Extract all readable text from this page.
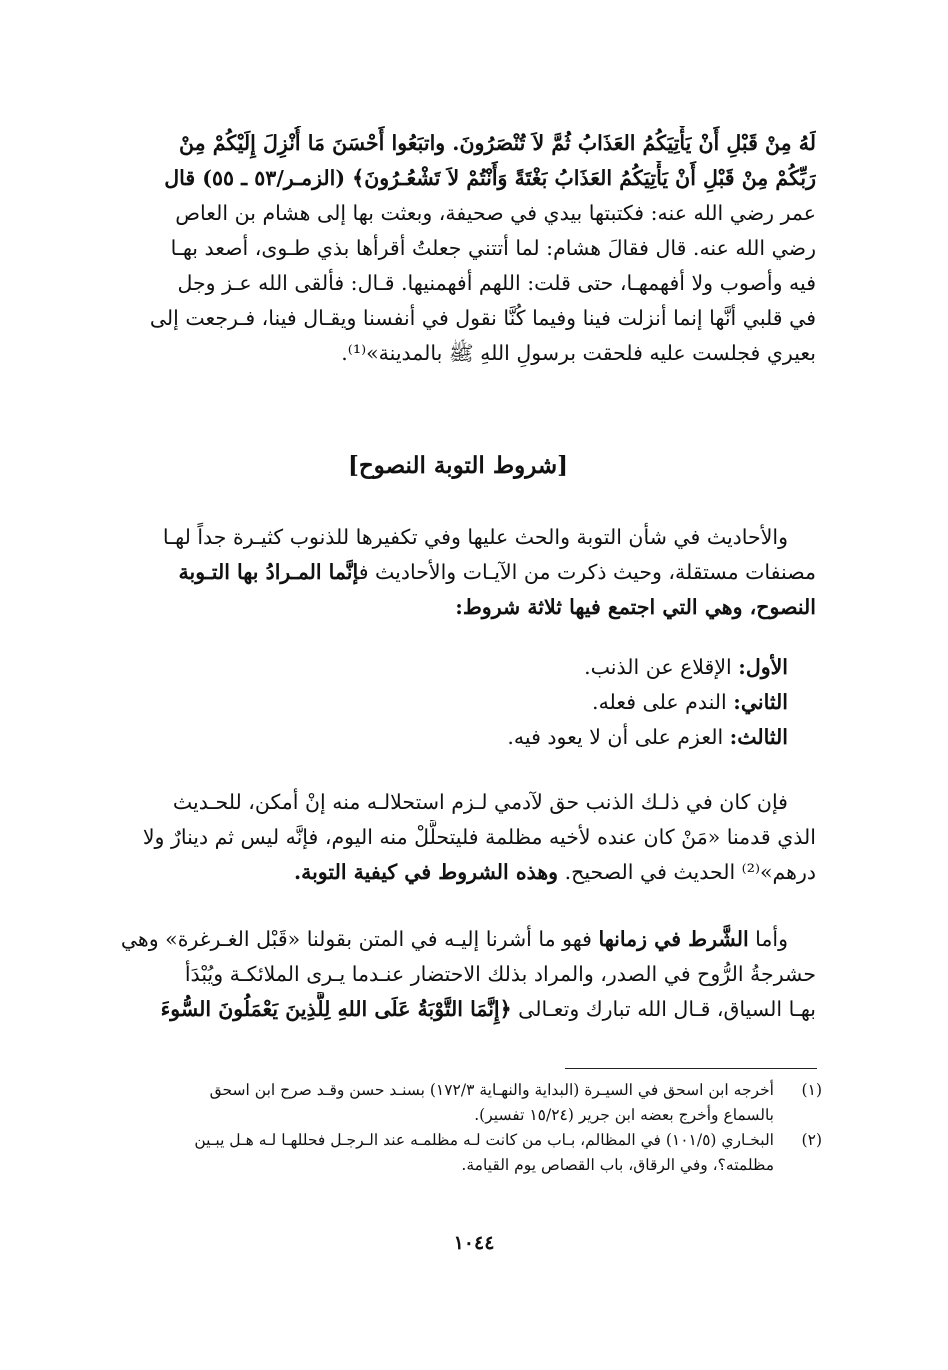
لَهُ مِنْ قَبْلِ أَنْ يَأْتِيَكُمُ العَذَابُ ثُمَّ لاَ تُنْصَرُونَ. واتبَعُوا أَحْسَنَ مَا أُنْزِلَ إِلَيْكُمْ مِنْ
رَبِّكُمْ مِنْ قَبْلِ أَنْ يَأْتِيَكُمُ العَذَابُ بَغْتَةً وَأَنْتُمْ لاَ تَشْعُـرُونَ﴾ (الزمـر/٥٣ ـ ٥٥) قال
عمر رضي الله عنه: فكتبتها بيدي في صحيفة، وبعثت بها إلى هشام بن العاص
رضي الله عنه. قال فقالَ هشام: لما أتتني جعلتُ أقرأها بذي طـوى، أصعد بهـا
فيه وأصوب ولا أفهمهـا، حتى قلت: اللهم أفهمنيها. قـال: فألقى الله عـز وجل
في قلبي أنَّها إنما أنزلت فينا وفيما كُنَّا نقول في أنفسنا ويقـال فينا، فـرجعت إلى
بعيري فجلست عليه فلحقت برسولِ اللهِ ﷺ بالمدينة»⁽¹⁾.
[شروط التوبة النصوح]
والأحاديث في شأن التوبة والحث عليها وفي تكفيرها للذنوب كثيـرة جداً لهـا
مصنفات مستقلة، وحيث ذكرت من الآيـات والأحاديث فإنَّما المـرادُ بها التـوبة
النصوح، وهي التي اجتمع فيها ثلاثة شروط:
الأول: الإقلاع عن الذنب.
الثاني: الندم على فعله.
الثالث: العزم على أن لا يعود فيه.
فإن كان في ذلـك الذنب حق لآدمي لـزم استحلالـه منه إنْ أمكن، للحـديث
الذي قدمنا «مَنْ كان عنده لأخيه مظلمة فليتحلَّلْ منه اليوم، فإنَّه ليس ثم دينارٌ ولا
درهم»⁽²⁾ الحديث في الصحيح. وهذه الشروط في كيفية التوبة.
وأما الشَّرط في زمانها فهو ما أشرنا إليـه في المتن بقولنا «قَبْل الغـرغرة» وهي
حشرجةُ الرُّوح في الصدر، والمراد بذلك الاحتضار عنـدما يـرى الملائكـة ويُبْدَأ
بهـا السياق، قـال الله تبارك وتعـالى ﴿إِنَّمَا التَّوْبَةُ عَلَى اللهِ لِلَّذِينَ يَعْمَلُونَ السُّوءَ
(١)
أخرجه ابن اسحق في السيـرة (البداية والنهـاية ١٧٢/٣) بسنـد حسن وقـد صرح ابن اسحق
بالسماع وأخرج بعضه ابن جرير (١٥/٢٤ تفسير).
(٢)
البخـاري (١٠١/٥) في المظالم، بـاب من كانت لـه مظلمـه عند الـرجـل فحللهـا لـه هـل يبـين
مظلمته؟، وفي الرقاق، باب القصاص يوم القيامة.
١٠٤٤
